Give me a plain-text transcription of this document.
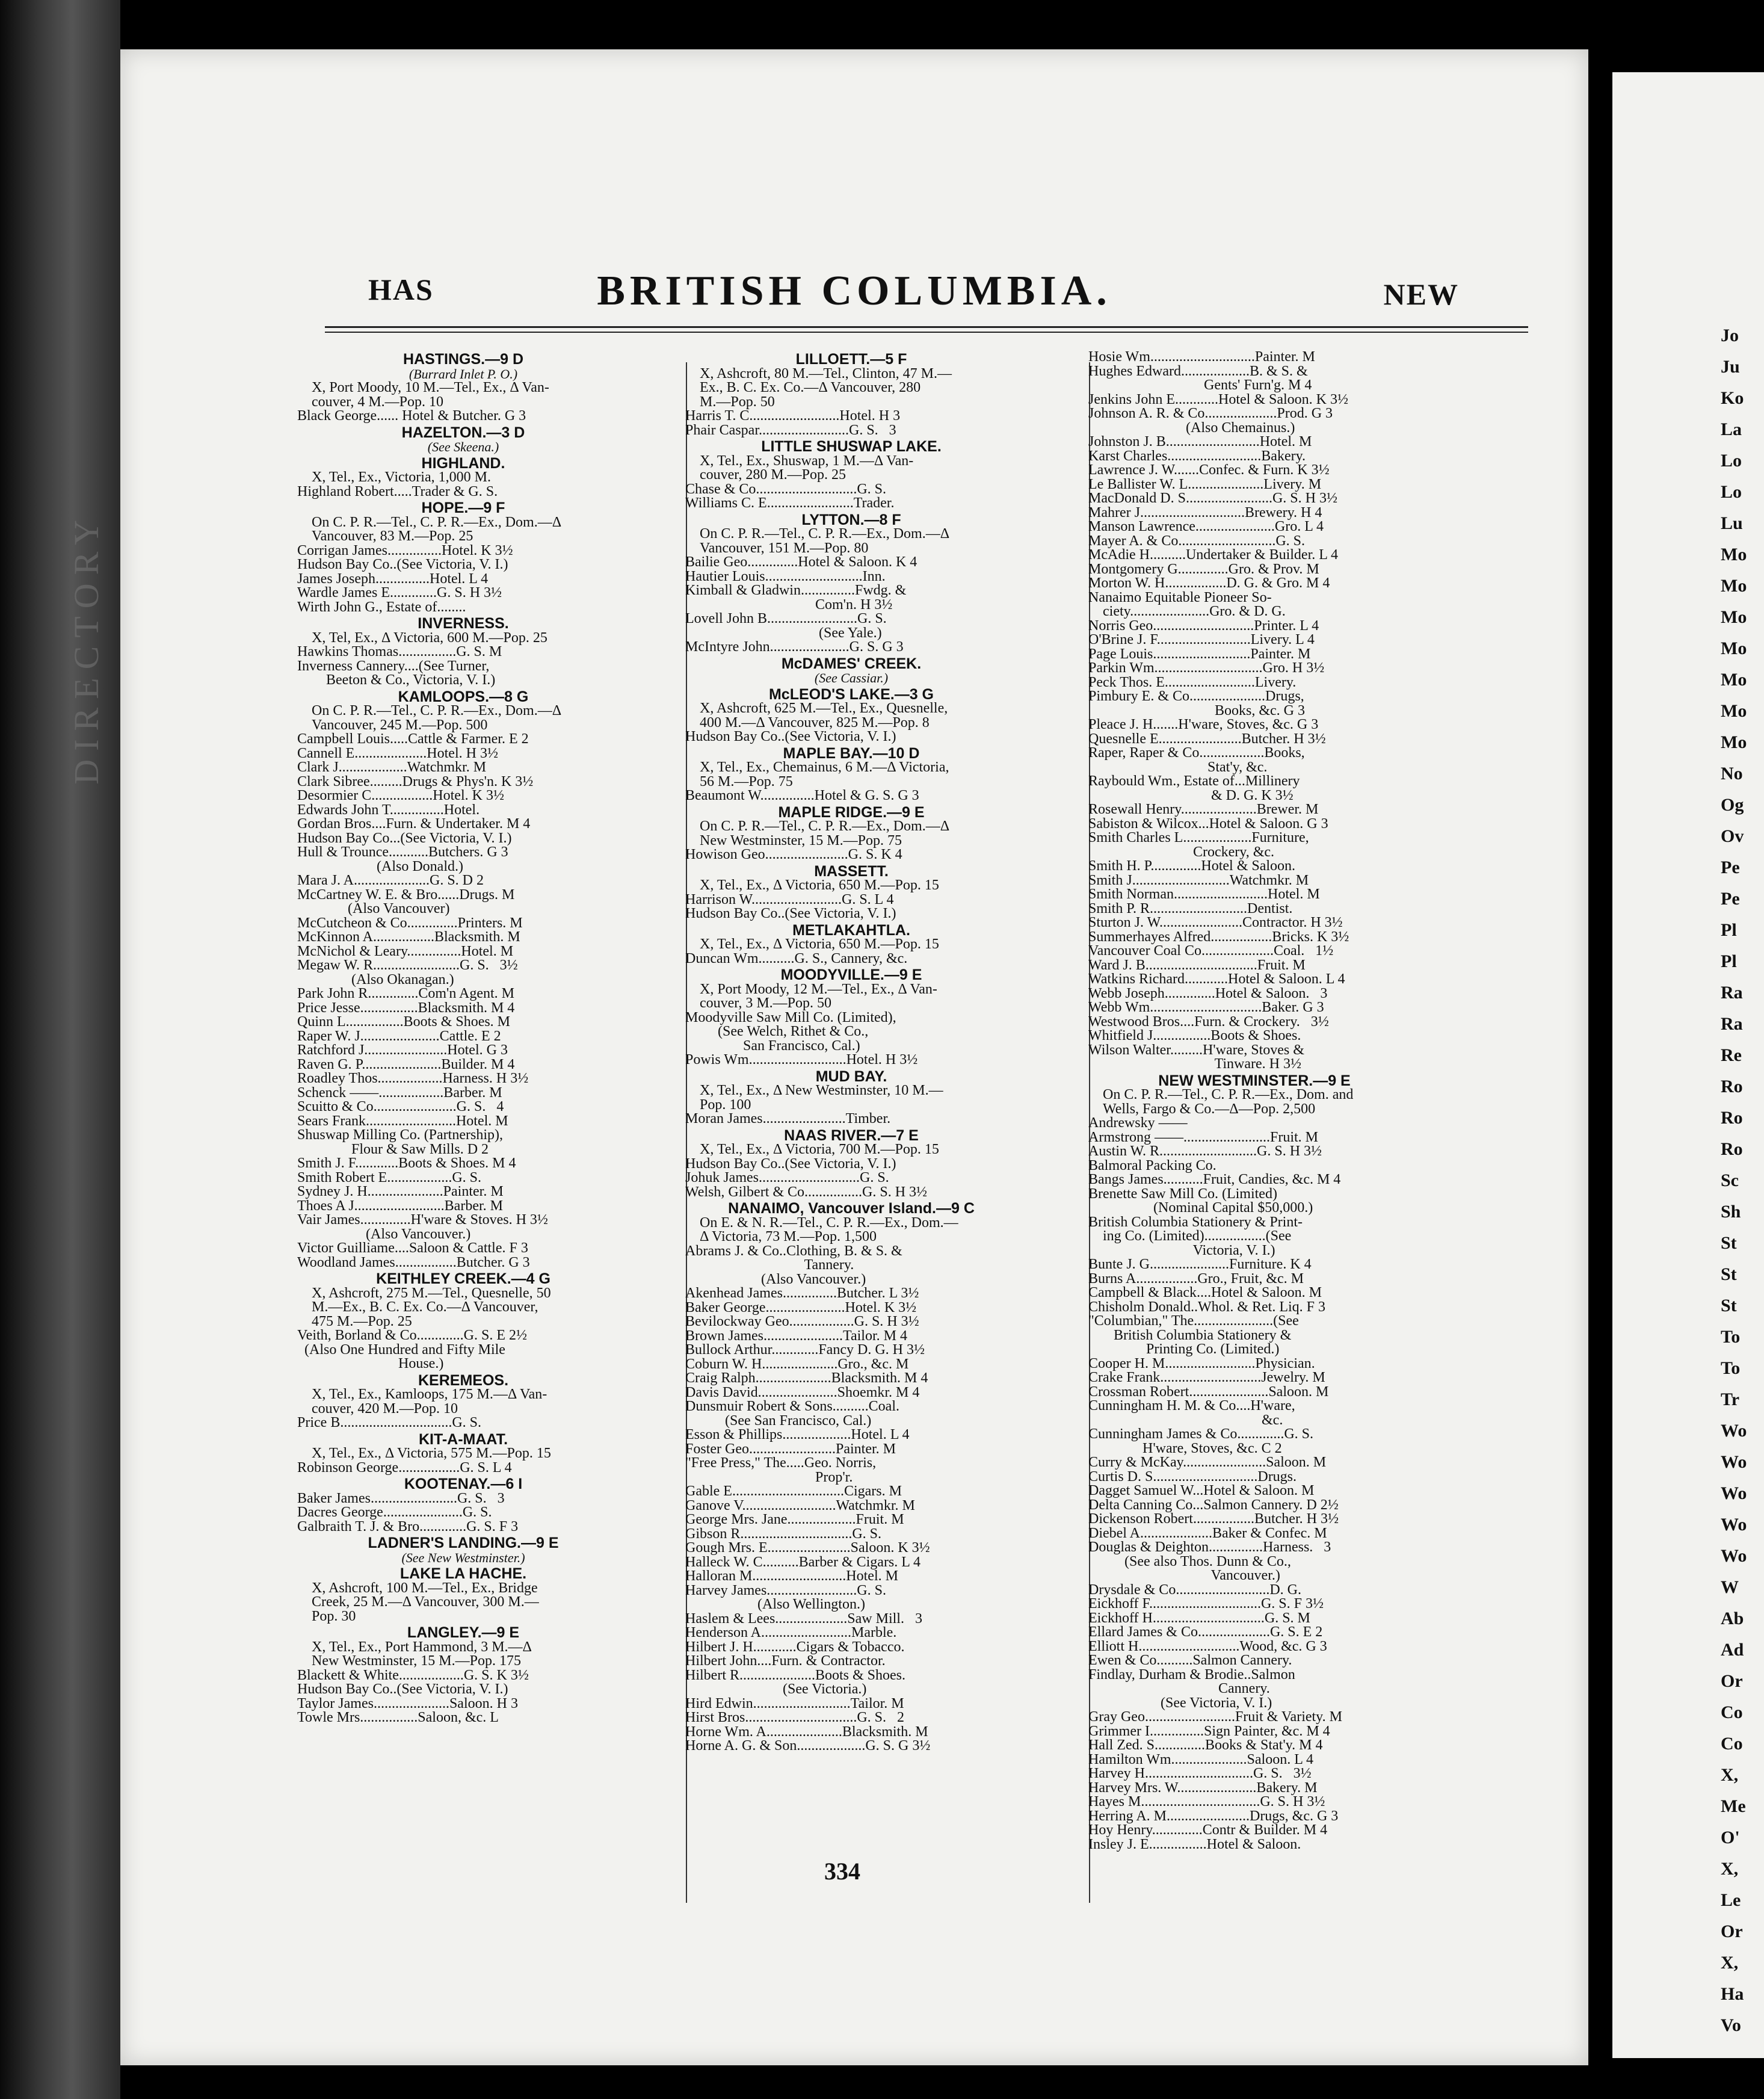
DIRECTORY
HAS	BRITISH COLUMBIA.	NEW
HASTINGS.—9 D
(Burrard Inlet P. O.)
X, Port Moody, 10 M.—Tel., Ex., Δ Van-
couver, 4 M.—Pop. 10
Black George...... Hotel & Butcher. G 3
HAZELTON.—3 D
(See Skeena.)
HIGHLAND.
X, Tel., Ex., Victoria, 1,000 M.
Highland Robert.....Trader & G. S.
HOPE.—9 F
On C. P. R.—Tel., C. P. R.—Ex., Dom.—Δ
Vancouver, 83 M.—Pop. 25
Corrigan James...............Hotel. K 3½
Hudson Bay Co..(See Victoria, V. I.)
James Joseph...............Hotel. L 4
Wardle James E.............G. S. H 3½
Wirth John G., Estate of........
INVERNESS.
X, Tel, Ex., Δ Victoria, 600 M.—Pop. 25
Hawkins Thomas................G. S. M
Inverness Cannery....(See Turner,
Beeton & Co., Victoria, V. I.)
KAMLOOPS.—8 G
On C. P. R.—Tel., C. P. R.—Ex., Dom.—Δ
Vancouver, 245 M.—Pop. 500
Campbell Louis.....Cattle & Farmer. E 2
Cannell E....................Hotel. H 3½
Clark J...................Watchmkr. M
Clark Sibree.........Drugs & Phys'n. K 3½
Desormier C.................Hotel. K 3½
Edwards John T...............Hotel.
Gordan Bros....Furn. & Undertaker. M 4
Hudson Bay Co...(See Victoria, V. I.)
Hull & Trounce...........Butchers. G 3
(Also Donald.)
Mara J. A.....................G. S. D 2
McCartney W. E. & Bro......Drugs. M
(Also Vancouver)
McCutcheon & Co..............Printers. M
McKinnon A.................Blacksmith. M
McNichol & Leary...............Hotel. M
Megaw W. R........................G. S.   3½
(Also Okanagan.)
Park John R..............Com'n Agent. M
Price Jesse................Blacksmith. M 4
Quinn L................Boots & Shoes. M
Raper W. J......................Cattle. E 2
Ratchford J.......................Hotel. G 3
Raven G. P......................Builder. M 4
Roadley Thos..................Harness. H 3½
Schenck ——..................Barber. M
Scuitto & Co.......................G. S.   4
Sears Frank.........................Hotel. M
Shuswap Milling Co. (Partnership),
Flour & Saw Mills. D 2
Smith J. F............Boots & Shoes. M 4
Smith Robert E..................G. S.
Sydney J. H.....................Painter. M
Thoes A J.........................Barber. M
Vair James..............H'ware & Stoves. H 3½
(Also Vancouver.)
Victor Guilliame....Saloon & Cattle. F 3
Woodland James.................Butcher. G 3
KEITHLEY CREEK.—4 G
X, Ashcroft, 275 M.—Tel., Quesnelle, 50
M.—Ex., B. C. Ex. Co.—Δ Vancouver,
475 M.—Pop. 25
Veith, Borland & Co.............G. S. E 2½
(Also One Hundred and Fifty Mile
House.)
KEREMEOS.
X, Tel., Ex., Kamloops, 175 M.—Δ Van-
couver, 420 M.—Pop. 10
Price B...............................G. S.
KIT-A-MAAT.
X, Tel., Ex., Δ Victoria, 575 M.—Pop. 15
Robinson George.................G. S. L 4
KOOTENAY.—6 I
Baker James........................G. S.   3
Dacres George......................G. S.
Galbraith T. J. & Bro.............G. S. F 3
LADNER'S LANDING.—9 E
(See New Westminster.)
LAKE LA HACHE.
X, Ashcroft, 100 M.—Tel., Ex., Bridge
Creek, 25 M.—Δ Vancouver, 300 M.—
Pop. 30
LANGLEY.—9 E
X, Tel., Ex., Port Hammond, 3 M.—Δ
New Westminster, 15 M.—Pop. 175
Blackett & White..................G. S. K 3½
Hudson Bay Co..(See Victoria, V. I.)
Taylor James.....................Saloon. H 3
Towle Mrs................Saloon, &c. L
LILLOETT.—5 F
X, Ashcroft, 80 M.—Tel., Clinton, 47 M.—
Ex., B. C. Ex. Co.—Δ Vancouver, 280
M.—Pop. 50
Harris T. C.........................Hotel. H 3
Phair Caspar.........................G. S.   3
LITTLE SHUSWAP LAKE.
X, Tel., Ex., Shuswap, 1 M.—Δ Van-
couver, 280 M.—Pop. 25
Chase & Co............................G. S.
Williams C. E........................Trader.
LYTTON.—8 F
On C. P. R.—Tel., C. P. R.—Ex., Dom.—Δ
Vancouver, 151 M.—Pop. 80
Bailie Geo..............Hotel & Saloon. K 4
Hautier Louis...........................Inn.
Kimball & Gladwin...............Fwdg. &
Com'n. H 3½
Lovell John B.........................G. S.
(See Yale.)
McIntyre John......................G. S. G 3
McDAMES' CREEK.
(See Cassiar.)
McLEOD'S LAKE.—3 G
X, Ashcroft, 625 M.—Tel., Ex., Quesnelle,
400 M.—Δ Vancouver, 825 M.—Pop. 8
Hudson Bay Co..(See Victoria, V. I.)
MAPLE BAY.—10 D
X, Tel., Ex., Chemainus, 6 M.—Δ Victoria,
56 M.—Pop. 75
Beaumont W...............Hotel & G. S. G 3
MAPLE RIDGE.—9 E
On C. P. R.—Tel., C. P. R.—Ex., Dom.—Δ
New Westminster, 15 M.—Pop. 75
Howison Geo.......................G. S. K 4
MASSETT.
X, Tel., Ex., Δ Victoria, 650 M.—Pop. 15
Harrison W.........................G. S. L 4
Hudson Bay Co..(See Victoria, V. I.)
METLAKAHTLA.
X, Tel., Ex., Δ Victoria, 650 M.—Pop. 15
Duncan Wm..........G. S., Cannery, &c.
MOODYVILLE.—9 E
X, Port Moody, 12 M.—Tel., Ex., Δ Van-
couver, 3 M.—Pop. 50
Moodyville Saw Mill Co. (Limited),
(See Welch, Rithet & Co.,
San Francisco, Cal.)
Powis Wm...........................Hotel. H 3½
MUD BAY.
X, Tel., Ex., Δ New Westminster, 10 M.—
Pop. 100
Moran James.......................Timber.
NAAS RIVER.—7 E
X, Tel., Ex., Δ Victoria, 700 M.—Pop. 15
Hudson Bay Co..(See Victoria, V. I.)
Johuk James............................G. S.
Welsh, Gilbert & Co................G. S. H 3½
NANAIMO, Vancouver Island.—9 C
On E. & N. R.—Tel., C. P. R.—Ex., Dom.—
Δ Victoria, 73 M.—Pop. 1,500
Abrams J. & Co..Clothing, B. & S. &
Tannery.
(Also Vancouver.)
Akenhead James...............Butcher. L 3½
Baker George......................Hotel. K 3½
Bevilockway Geo..................G. S. H 3½
Brown James......................Tailor. M 4
Bullock Arthur.............Fancy D. G. H 3½
Coburn W. H.....................Gro., &c. M
Craig Ralph.....................Blacksmith. M 4
Davis David......................Shoemkr. M 4
Dunsmuir Robert & Sons..........Coal.
(See San Francisco, Cal.)
Esson & Phillips...................Hotel. L 4
Foster Geo........................Painter. M
"Free Press," The.....Geo. Norris,
Prop'r.
Gable E...............................Cigars. M
Ganove V..........................Watchmkr. M
George Mrs. Jane...................Fruit. M
Gibson R...............................G. S.
Gough Mrs. E.......................Saloon. K 3½
Halleck W. C..........Barber & Cigars. L 4
Halloran M..........................Hotel. M
Harvey James.........................G. S.
(Also Wellington.)
Haslem & Lees....................Saw Mill.   3
Henderson A.........................Marble.
Hilbert J. H............Cigars & Tobacco.
Hilbert John....Furn. & Contractor.
Hilbert R.....................Boots & Shoes.
(See Victoria.)
Hird Edwin...........................Tailor. M
Hirst Bros...............................G. S.   2
Horne Wm. A.....................Blacksmith. M
Horne A. G. & Son...................G. S. G 3½
Hosie Wm.............................Painter. M
Hughes Edward...................B. & S. &
Gents' Furn'g. M 4
Jenkins John E............Hotel & Saloon. K 3½
Johnson A. R. & Co....................Prod. G 3
(Also Chemainus.)
Johnston J. B..........................Hotel. M
Karst Charles..........................Bakery.
Lawrence J. W.......Confec. & Furn. K 3½
Le Ballister W. L.....................Livery. M
MacDonald D. S........................G. S. H 3½
Mahrer J.............................Brewery. H 4
Manson Lawrence......................Gro. L 4
Mayer A. & Co...........................G. S.
McAdie H..........Undertaker & Builder. L 4
Montgomery G..............Gro. & Prov. M
Morton W. H.................D. G. & Gro. M 4
Nanaimo Equitable Pioneer So-
ciety......................Gro. & D. G.
Norris Geo............................Printer. L 4
O'Brine J. F..........................Livery. L 4
Page Louis...........................Painter. M
Parkin Wm..............................Gro. H 3½
Peck Thos. E.........................Livery.
Pimbury E. & Co.....................Drugs,
Books, &c. G 3
Pleace J. H.......H'ware, Stoves, &c. G 3
Quesnelle E.......................Butcher. H 3½
Raper, Raper & Co..................Books,
Stat'y, &c.
Raybould Wm., Estate of...Millinery
& D. G. K 3½
Rosewall Henry.....................Brewer. M
Sabiston & Wilcox...Hotel & Saloon. G 3
Smith Charles L...................Furniture,
Crockery, &c.
Smith H. P..............Hotel & Saloon.
Smith J...........................Watchmkr. M
Smith Norman..........................Hotel. M
Smith P. R...........................Dentist.
Sturton J. W.......................Contractor. H 3½
Summerhayes Alfred.................Bricks. K 3½
Vancouver Coal Co....................Coal.   1½
Ward J. B...............................Fruit. M
Watkins Richard............Hotel & Saloon. L 4
Webb Joseph..............Hotel & Saloon.   3
Webb Wm...............................Baker. G 3
Westwood Bros....Furn. & Crockery.   3½
Whitfield J................Boots & Shoes.
Wilson Walter.........H'ware, Stoves &
Tinware. H 3½
NEW WESTMINSTER.—9 E
On C. P. R.—Tel., C. P. R.—Ex., Dom. and
Wells, Fargo & Co.—Δ—Pop. 2,500
Andrewsky ——
Armstrong ——........................Fruit. M
Austin W. R...........................G. S. H 3½
Balmoral Packing Co.
Bangs James...........Fruit, Candies, &c. M 4
Brenette Saw Mill Co. (Limited)
(Nominal Capital $50,000.)
British Columbia Stationery & Print-
ing Co. (Limited).................(See
Victoria, V. I.)
Bunte J. G......................Furniture. K 4
Burns A.................Gro., Fruit, &c. M
Campbell & Black....Hotel & Saloon. M
Chisholm Donald..Whol. & Ret. Liq. F 3
"Columbian," The......................(See
British Columbia Stationery &
Printing Co. (Limited.)
Cooper H. M.........................Physician.
Crake Frank............................Jewelry. M
Crossman Robert......................Saloon. M
Cunningham H. M. & Co....H'ware,
&c.
Cunningham James & Co.............G. S.
H'ware, Stoves, &c. C 2
Curry & McKay.......................Saloon. M
Curtis D. S.............................Drugs.
Dagget Samuel W...Hotel & Saloon. M
Delta Canning Co...Salmon Cannery. D 2½
Dickenson Robert.................Butcher. H 3½
Diebel A....................Baker & Confec. M
Douglas & Deighton...............Harness.   3
(See also Thos. Dunn & Co.,
Vancouver.)
Drysdale & Co..........................D. G.
Eickhoff F...............................G. S. F 3½
Eickhoff H...............................G. S. M
Ellard James & Co....................G. S. E 2
Elliott H............................Wood, &c. G 3
Ewen & Co..........Salmon Cannery.
Findlay, Durham & Brodie..Salmon
Cannery.
(See Victoria, V. I.)
Gray Geo.........................Fruit & Variety. M
Grimmer I...............Sign Painter, &c. M 4
Hall Zed. S..............Books & Stat'y. M 4
Hamilton Wm.....................Saloon. L 4
Harvey H..............................G. S.   3½
Harvey Mrs. W......................Bakery. M
Hayes M.................................G. S. H 3½
Herring A. M.......................Drugs, &c. G 3
Hoy Henry..............Contr & Builder. M 4
Insley J. E................Hotel & Saloon.
334
Jo
Ju
Ko
La
Lo
Lo
Lu
Mo
Mo
Mo
Mo
Mo
Mo
Mo
No
Og
Ov
Pe
Pe
Pl
Pl
Ra
Ra
Re
Ro
Ro
Ro
Sc
Sh
St
St
St
To
To
Tr
Wo
Wo
Wo
Wo
Wo
W
Ab
Ad
Or
Co
Co
X,
Me
O'
X,
Le
Or
X,
Ha
Vo
